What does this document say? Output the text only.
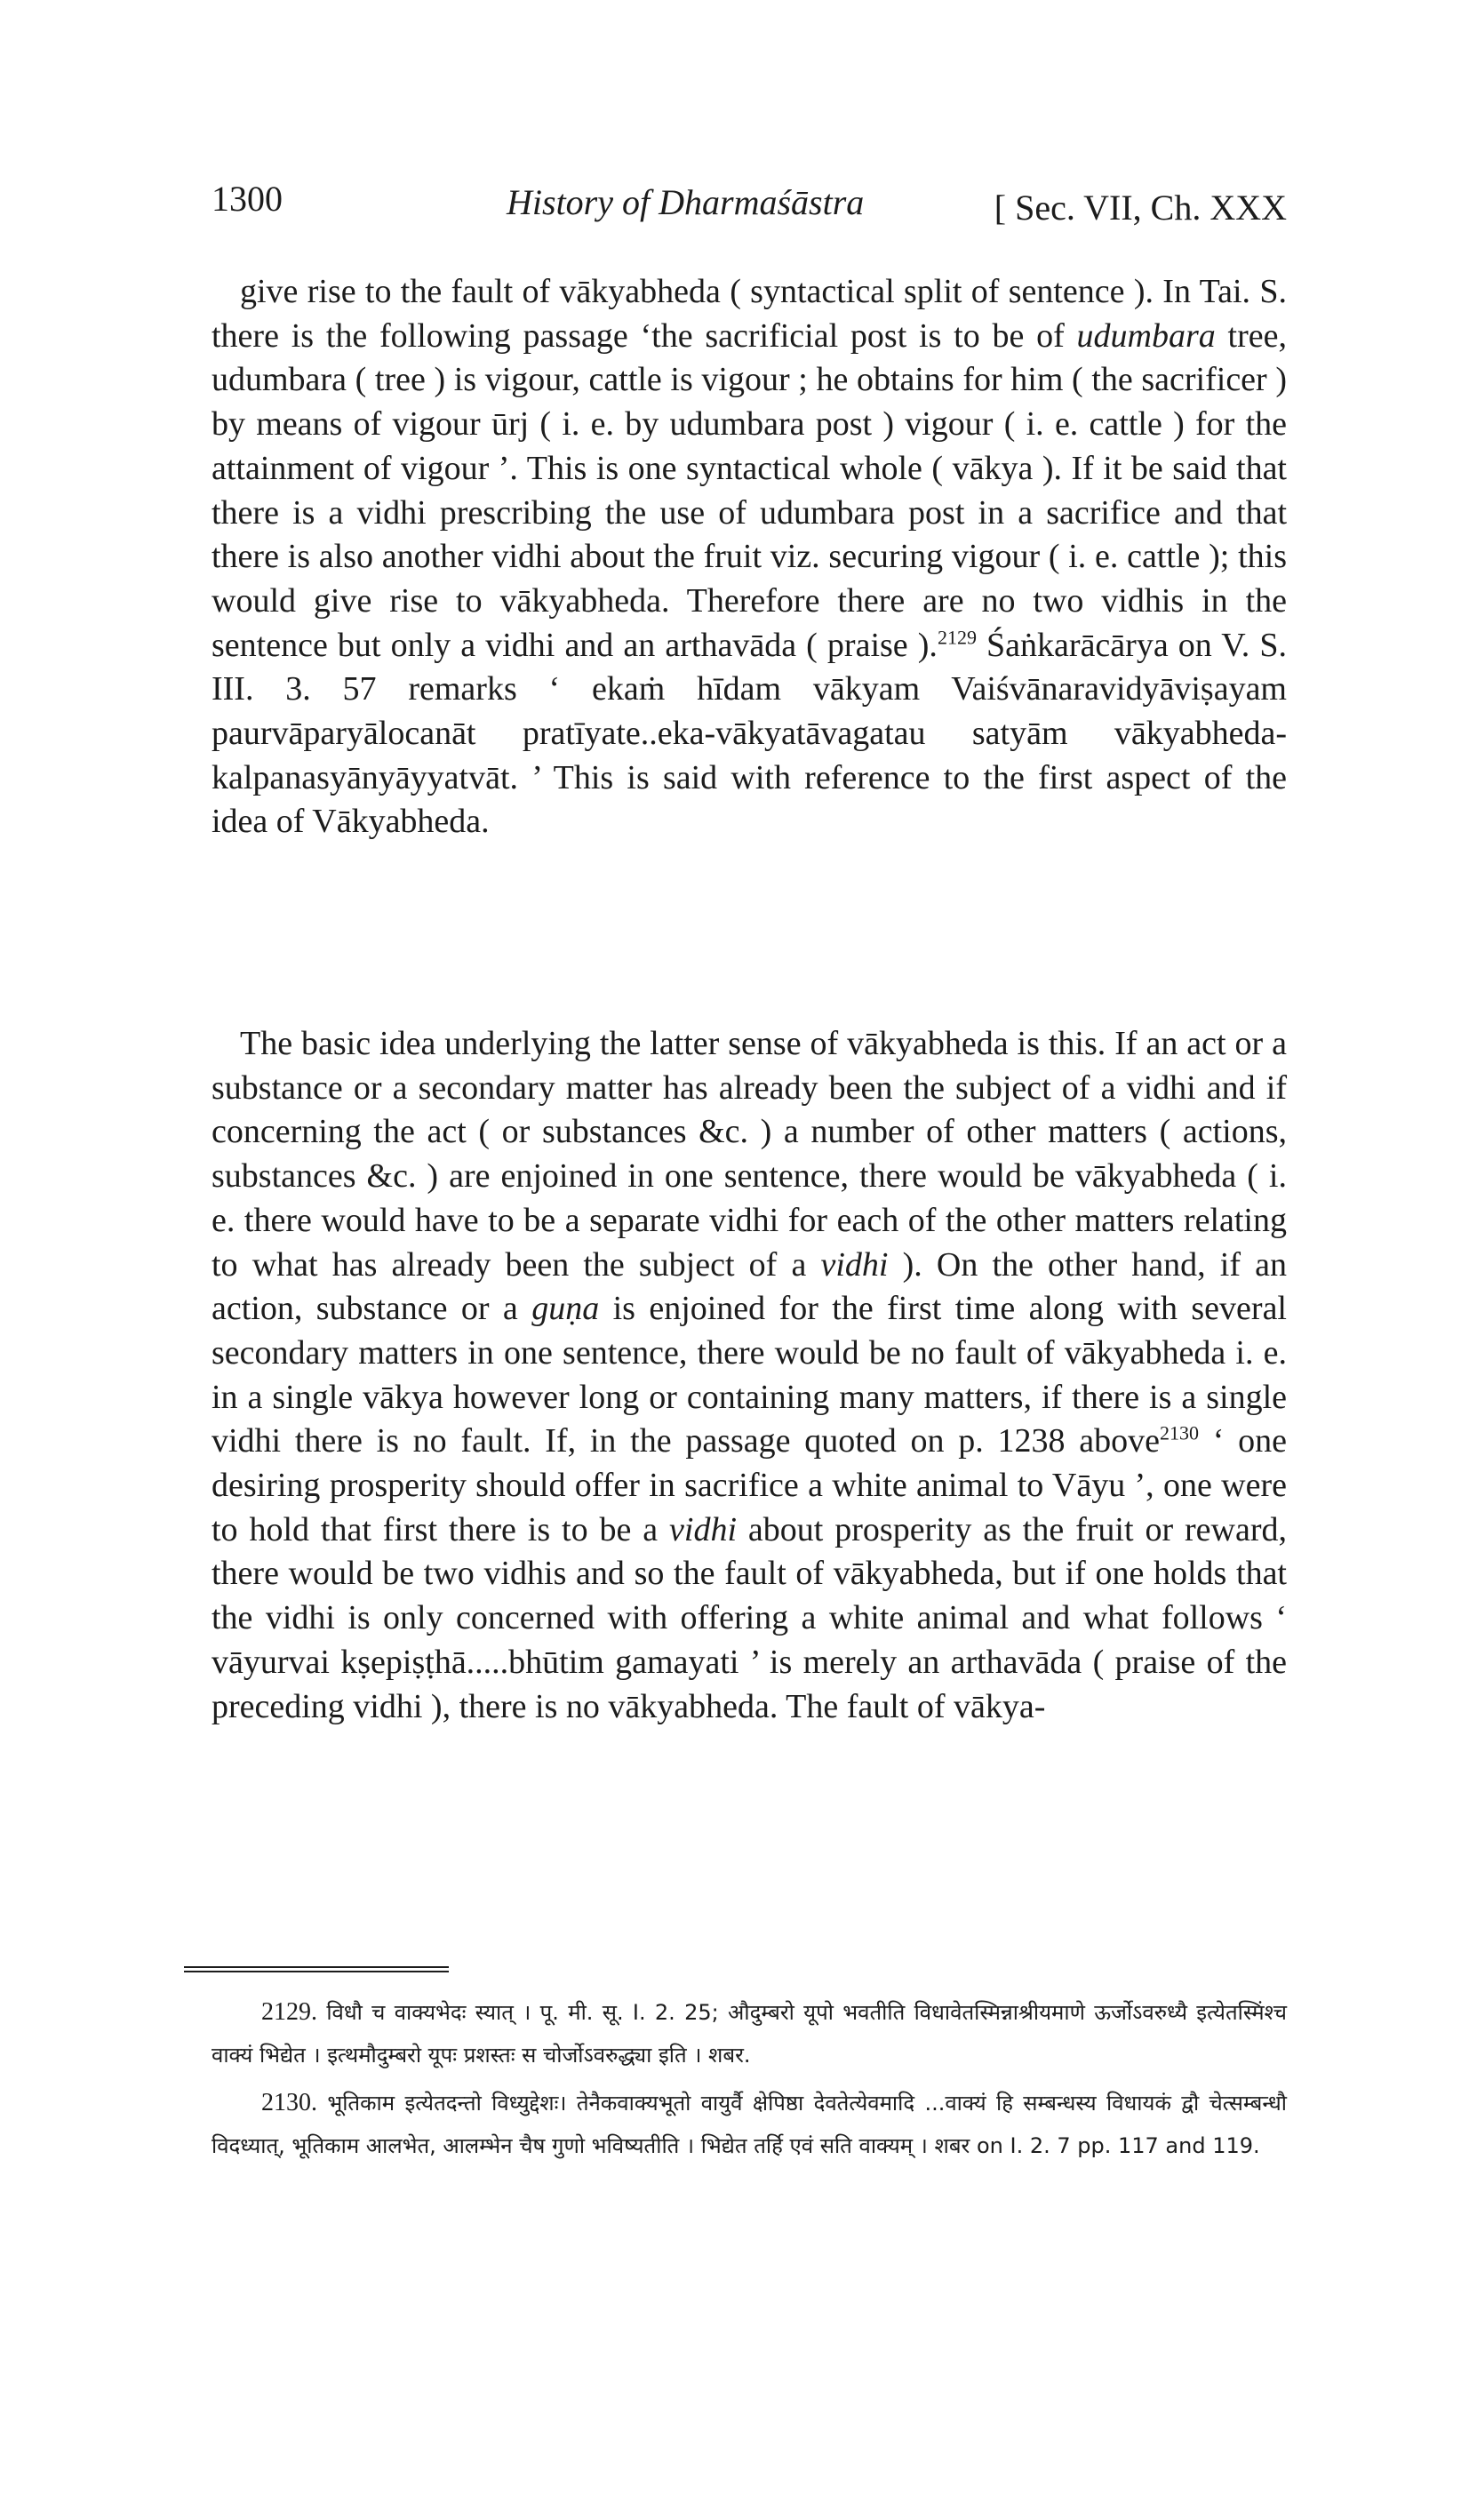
1300	History of Dharmaśāstra	[ Sec. VII, Ch. XXX

give rise to the fault of vākyabheda ( syntactical split of sentence ). In Tai. S. there is the following passage ‘the sacrificial post is to be of udumbara tree, udumbara ( tree ) is vigour, cattle is vigour ; he obtains for him ( the sacrificer ) by means of vigour ūrj ( i. e. by udumbara post ) vigour ( i. e. cattle ) for the attainment of vigour ’. This is one syntactical whole ( vākya ). If it be said that there is a vidhi prescribing the use of udumbara post in a sacrifice and that there is also another vidhi about the fruit viz. securing vigour ( i. e. cattle ); this would give rise to vākyabheda. Therefore there are no two vidhis in the sentence but only a vidhi and an arthavāda ( praise ).$^{2129}$ Śaṅkarācārya on V. S. III. 3. 57 remarks ‘ ekaṁ hīdam vākyam Vaiśvānaravidyāviṣayam paurvāparyālocanāt pratīyate..eka-vākyatāvagatau satyām vākyabheda-kalpanasyānyāyyatvāt. ’ This is said with reference to the first aspect of the idea of Vākyabheda.

The basic idea underlying the latter sense of vākyabheda is this. If an act or a substance or a secondary matter has already been the subject of a vidhi and if concerning the act ( or substances &c. ) a number of other matters ( actions, substances &c. ) are enjoined in one sentence, there would be vākyabheda ( i. e. there would have to be a separate vidhi for each of the other matters relating to what has already been the subject of a vidhi ). On the other hand, if an action, substance or a guṇa is enjoined for the first time along with several secondary matters in one sentence, there would be no fault of vākyabheda i. e. in a single vākya however long or containing many matters, if there is a single vidhi there is no fault. If, in the passage quoted on p. 1238 above$^{2130}$ ‘ one desiring prosperity should offer in sacrifice a white animal to Vāyu ’, one were to hold that first there is to be a vidhi about prosperity as the fruit or reward, there would be two vidhis and so the fault of vākyabheda, but if one holds that the vidhi is only concerned with offering a white animal and what follows ‘ vāyurvai kṣepiṣṭhā.....bhūtim gamayati ’ is merely an arthavāda ( praise of the preceding vidhi ), there is no vākyabheda. The fault of vākya-

2129. विधौ च वाक्यभेदः स्यात् । पू. मी. सू. I. 2. 25; औदुम्बरो यूपो भवतीति विधावेतस्मिन्नाश्रीयमाणे ऊर्जोऽवरुध्यै इत्येतस्मिंश्च वाक्यं भिद्येत । इत्थमौदुम्बरो यूपः प्रशस्तः स चोर्जोऽवरुद्ध्या इति । शबर.

2130. भूतिकाम इत्येतदन्तो विध्युद्देशः। तेनैकवाक्यभूतो वायुर्वै क्षेपिष्ठा देवतेत्येवमादि ...वाक्यं हि सम्बन्धस्य विधायकं द्वौ चेत्सम्बन्धौ विदध्यात्, भूतिकाम आलभेत, आलम्भेन चैष गुणो भविष्यतीति । भिद्येत तर्हि एवं सति वाक्यम् । शबर on I. 2. 7 pp. 117 and 119.
